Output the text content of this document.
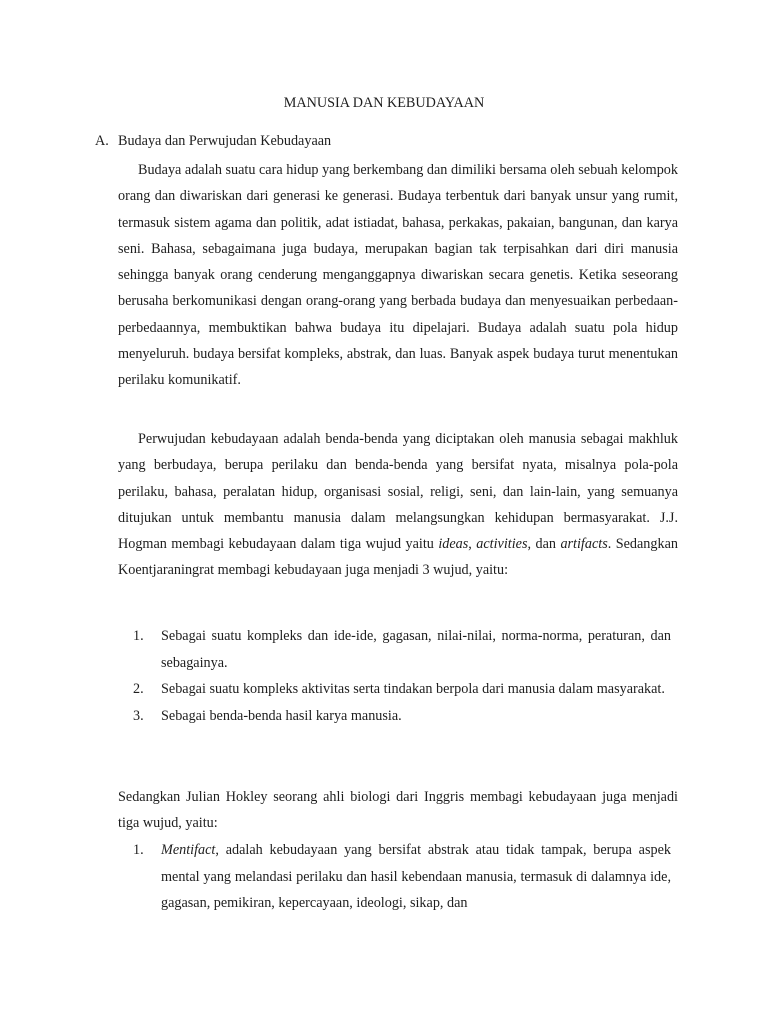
MANUSIA DAN KEBUDAYAAN
A. Budaya dan Perwujudan Kebudayaan

Budaya adalah suatu cara hidup yang berkembang dan dimiliki bersama oleh sebuah kelompok orang dan diwariskan dari generasi ke generasi. Budaya terbentuk dari banyak unsur yang rumit, termasuk sistem agama dan politik, adat istiadat, bahasa, perkakas, pakaian, bangunan, dan karya seni. Bahasa, sebagaimana juga budaya, merupakan bagian tak terpisahkan dari diri manusia sehingga banyak orang cenderung menganggapnya diwariskan secara genetis. Ketika seseorang berusaha berkomunikasi dengan orang-orang yang berbada budaya dan menyesuaikan perbedaan- perbedaannya, membuktikan bahwa budaya itu dipelajari. Budaya adalah suatu pola hidup menyeluruh. budaya bersifat kompleks, abstrak, dan luas. Banyak aspek budaya turut menentukan perilaku komunikatif.

Perwujudan kebudayaan adalah benda-benda yang diciptakan oleh manusia sebagai makhluk yang berbudaya, berupa perilaku dan benda-benda yang bersifat nyata, misalnya pola-pola perilaku, bahasa, peralatan hidup, organisasi sosial, religi, seni, dan lain-lain, yang semuanya ditujukan untuk membantu manusia dalam melangsungkan kehidupan bermasyarakat. J.J. Hogman membagi kebudayaan dalam tiga wujud yaitu ideas, activities, dan artifacts. Sedangkan Koentjaraningrat membagi kebudayaan juga menjadi 3 wujud, yaitu:

1. Sebagai suatu kompleks dan ide-ide, gagasan, nilai-nilai, norma-norma, peraturan, dan sebagainya.
2. Sebagai suatu kompleks aktivitas serta tindakan berpola dari manusia dalam masyarakat.
3. Sebagai benda-benda hasil karya manusia.

Sedangkan Julian Hokley seorang ahli biologi dari Inggris membagi kebudayaan juga menjadi tiga wujud, yaitu:

1. Mentifact, adalah kebudayaan yang bersifat abstrak atau tidak tampak, berupa aspek mental yang melandasi perilaku dan hasil kebendaan manusia, termasuk di dalamnya ide, gagasan, pemikiran, kepercayaan, ideologi, sikap, dan
